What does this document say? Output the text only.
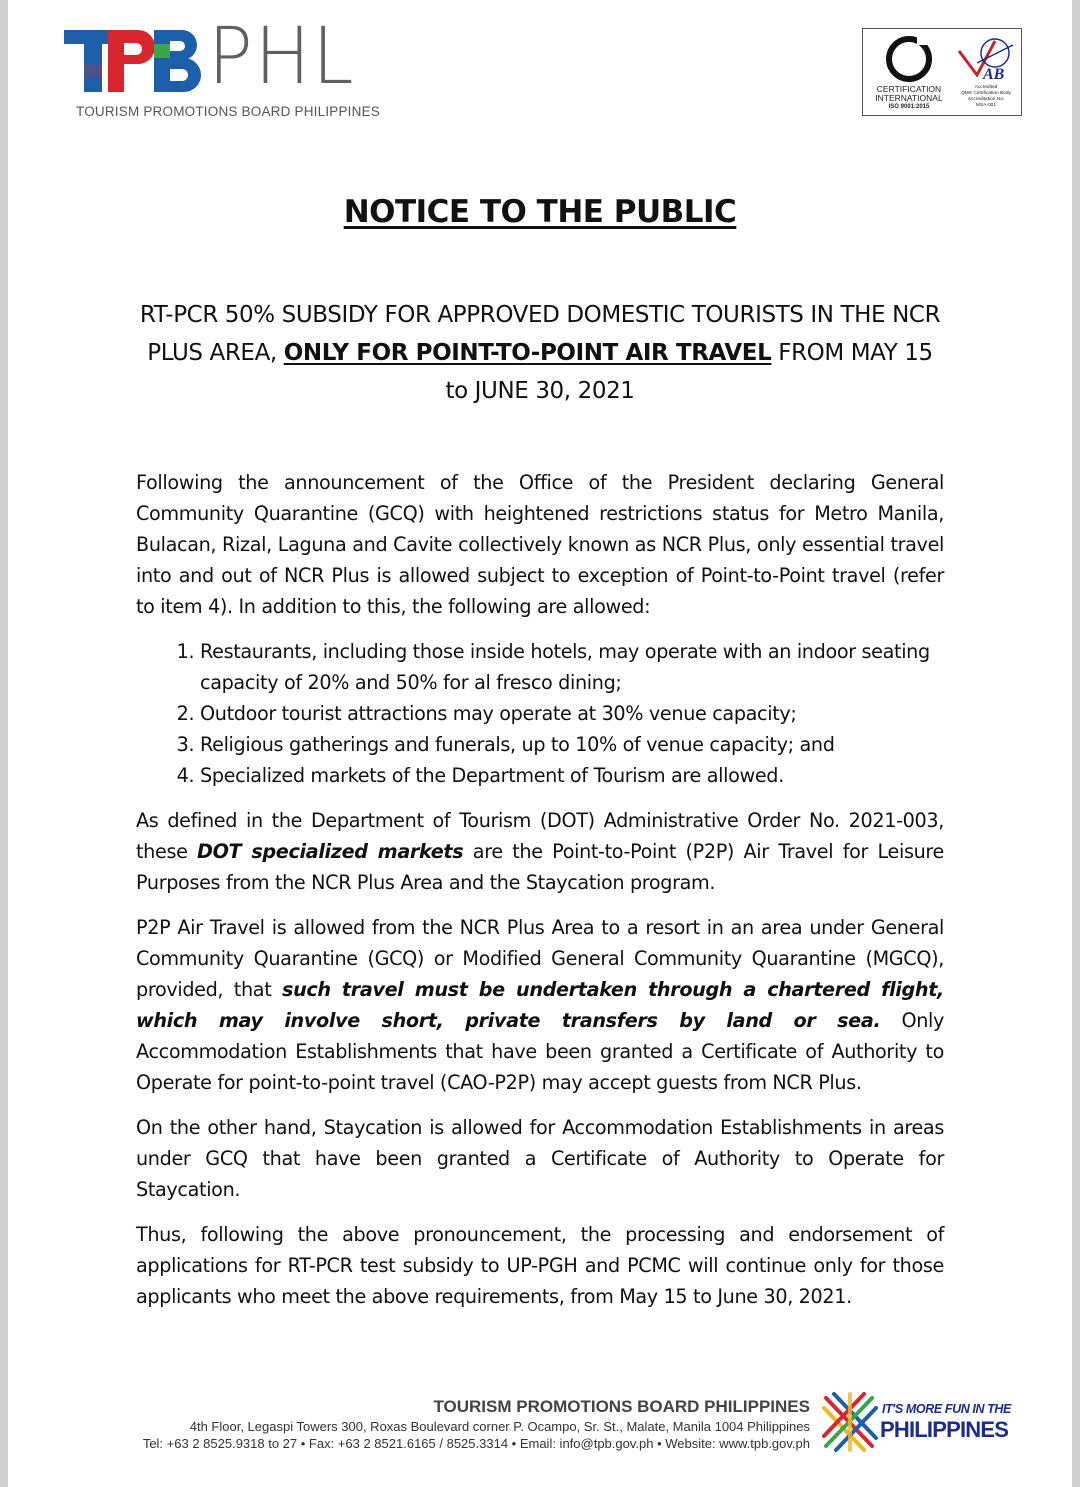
PHL
TOURISM PROMOTIONS BOARD PHILIPPINES
CERTIFICATION
INTERNATIONAL
ISO 9001:2015
AB
Accredited
QMS Certification Body
Accreditation No:
MSA-001
NOTICE TO THE PUBLIC
RT-PCR 50% SUBSIDY FOR APPROVED DOMESTIC TOURISTS IN THE NCR PLUS AREA, ONLY FOR POINT-TO-POINT AIR TRAVEL FROM MAY 15 to JUNE 30, 2021

Following the announcement of the Office of the President declaring General Community Quarantine (GCQ) with heightened restrictions status for Metro Manila, Bulacan, Rizal, Laguna and Cavite collectively known as NCR Plus, only essential travel into and out of NCR Plus is allowed subject to exception of Point-to-Point travel (refer to item 4). In addition to this, the following are allowed:

1. Restaurants, including those inside hotels, may operate with an indoor seating capacity of 20% and 50% for al fresco dining;
2. Outdoor tourist attractions may operate at 30% venue capacity;
3. Religious gatherings and funerals, up to 10% of venue capacity; and
4. Specialized markets of the Department of Tourism are allowed.

As defined in the Department of Tourism (DOT) Administrative Order No. 2021-003, these DOT specialized markets are the Point-to-Point (P2P) Air Travel for Leisure Purposes from the NCR Plus Area and the Staycation program.

P2P Air Travel is allowed from the NCR Plus Area to a resort in an area under General Community Quarantine (GCQ) or Modified General Community Quarantine (MGCQ), provided, that such travel must be undertaken through a chartered flight, which may involve short, private transfers by land or sea. Only Accommodation Establishments that have been granted a Certificate of Authority to Operate for point-to-point travel (CAO-P2P) may accept guests from NCR Plus.

On the other hand, Staycation is allowed for Accommodation Establishments in areas under GCQ that have been granted a Certificate of Authority to Operate for Staycation.

Thus, following the above pronouncement, the processing and endorsement of applications for RT-PCR test subsidy to UP-PGH and PCMC will continue only for those applicants who meet the above requirements, from May 15 to June 30, 2021.

TOURISM PROMOTIONS BOARD PHILIPPINES
4th Floor, Legaspi Towers 300, Roxas Boulevard corner P. Ocampo, Sr. St., Malate, Manila 1004 Philippines
Tel: +63 2 8525.9318 to 27 • Fax: +63 2 8521.6165 / 8525.3314 • Email: info@tpb.gov.ph • Website: www.tpb.gov.ph
IT'S MORE FUN IN THE
PHILIPPINES
